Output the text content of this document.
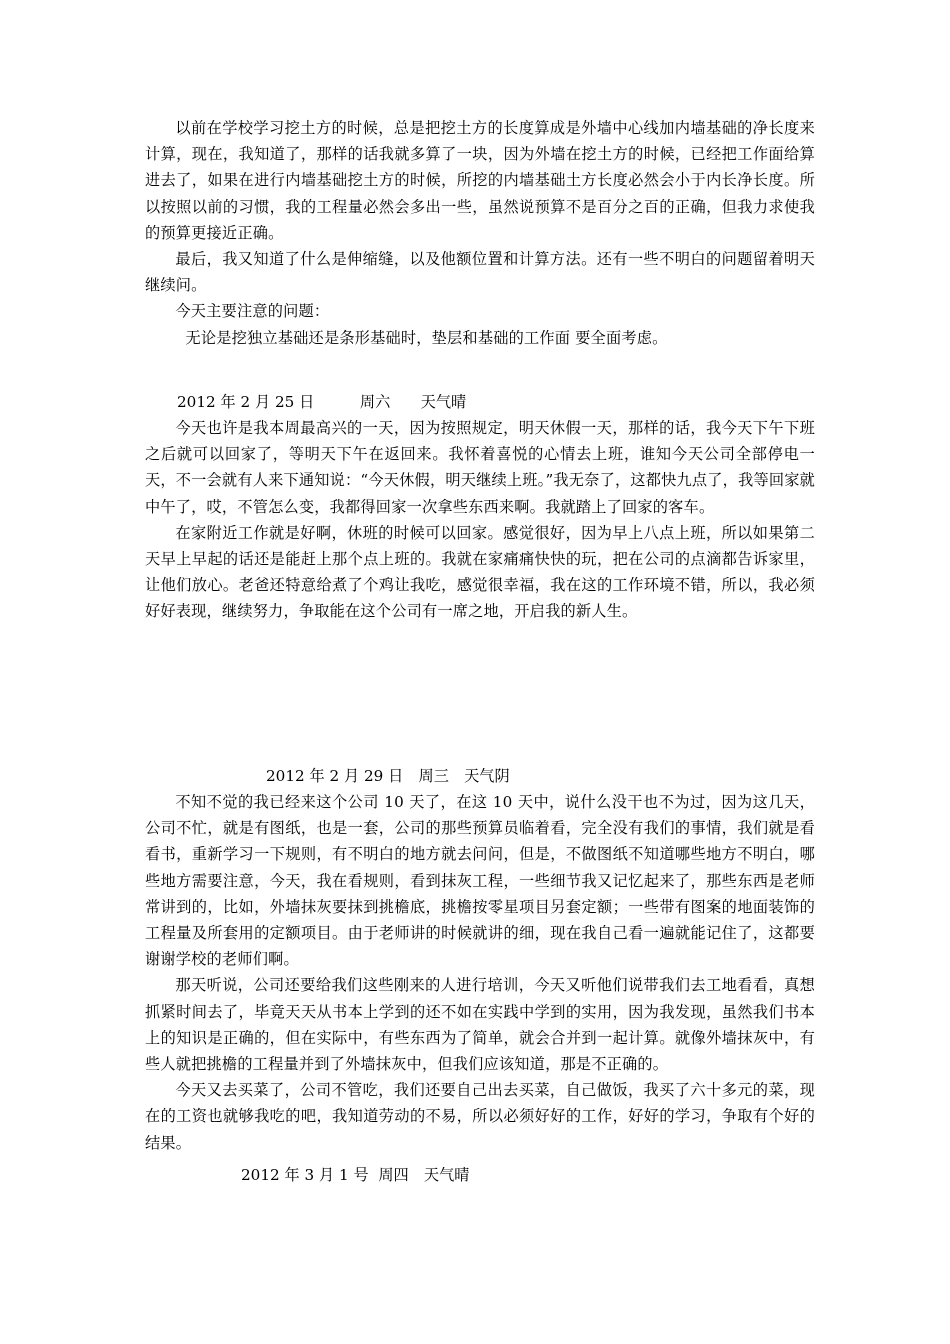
以前在学校学习挖土方的时候，总是把挖土方的长度算成是外墙中心线加内墙基础的净长度来计算，现在，我知道了，那样的话我就多算了一块，因为外墙在挖土方的时候，已经把工作面给算进去了，如果在进行内墙基础挖土方的时候，所挖的内墙基础土方长度必然会小于内长净长度。所以按照以前的习惯，我的工程量必然会多出一些，虽然说预算不是百分之百的正确，但我力求使我的预算更接近正确。

最后，我又知道了什么是伸缩缝，以及他额位置和计算方法。还有一些不明白的问题留着明天继续问。

今天主要注意的问题：

无论是挖独立基础还是条形基础时，垫层和基础的工作面 要全面考虑。

2012 年 2 月 25 日　　　周六　　天气晴

今天也许是我本周最高兴的一天，因为按照规定，明天休假一天，那样的话，我今天下午下班之后就可以回家了，等明天下午在返回来。我怀着喜悦的心情去上班，谁知今天公司全部停电一天，不一会就有人来下通知说：“今天休假，明天继续上班。”我无奈了，这都快九点了，我等回家就中午了，哎，不管怎么变，我都得回家一次拿些东西来啊。我就踏上了回家的客车。

在家附近工作就是好啊，休班的时候可以回家。感觉很好，因为早上八点上班，所以如果第二天早上早起的话还是能赶上那个点上班的。我就在家痛痛快快的玩，把在公司的点滴都告诉家里，让他们放心。老爸还特意给煮了个鸡让我吃，感觉很幸福，我在这的工作环境不错，所以，我必须好好表现，继续努力，争取能在这个公司有一席之地，开启我的新人生。

2012 年 2 月 29 日　周三　天气阴

不知不觉的我已经来这个公司 10 天了，在这 10 天中，说什么没干也不为过，因为这几天，公司不忙，就是有图纸，也是一套，公司的那些预算员临着看，完全没有我们的事情，我们就是看看书，重新学习一下规则，有不明白的地方就去问问，但是，不做图纸不知道哪些地方不明白，哪些地方需要注意，今天，我在看规则，看到抹灰工程，一些细节我又记忆起来了，那些东西是老师常讲到的，比如，外墙抹灰要抹到挑檐底，挑檐按零星项目另套定额；一些带有图案的地面装饰的工程量及所套用的定额项目。由于老师讲的时候就讲的细，现在我自己看一遍就能记住了，这都要谢谢学校的老师们啊。

那天听说，公司还要给我们这些刚来的人进行培训，今天又听他们说带我们去工地看看，真想抓紧时间去了，毕竟天天从书本上学到的还不如在实践中学到的实用，因为我发现，虽然我们书本上的知识是正确的，但在实际中，有些东西为了简单，就会合并到一起计算。就像外墙抹灰中，有些人就把挑檐的工程量并到了外墙抹灰中，但我们应该知道，那是不正确的。

今天又去买菜了，公司不管吃，我们还要自己出去买菜，自己做饭，我买了六十多元的菜，现在的工资也就够我吃的吧，我知道劳动的不易，所以必须好好的工作，好好的学习，争取有个好的结果。

2012 年 3 月 1 号  周四　天气晴
